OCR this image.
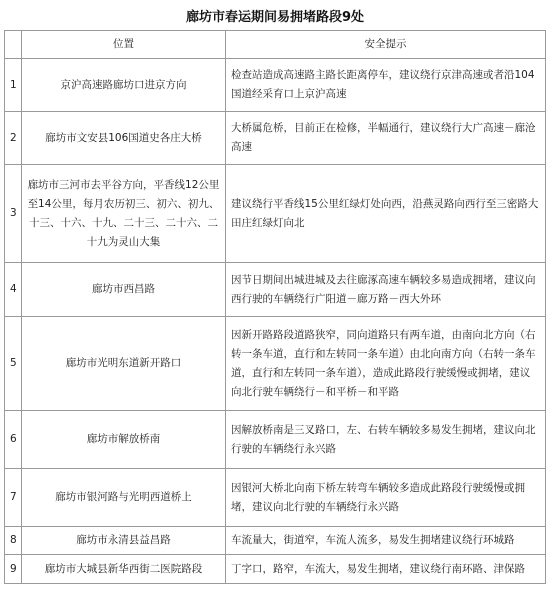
廊坊市春运期间易拥堵路段9处
	位置	安全提示
1	京沪高速路廊坊口进京方向	检查站造成高速路主路长距离停车，建议绕行京津高速或者沿104国道经采育口上京沪高速
2	廊坊市文安县106国道史各庄大桥	大桥属危桥，目前正在检修，半幅通行，建议绕行大广高速－廊沧高速
3	廊坊市三河市去平谷方向，平香线12公里至14公里，每月农历初三、初六、初九、十三、十六、十九、二十三、二十六、二十九为灵山大集	建议绕行平香线15公里红绿灯处向西，沿燕灵路向西行至三密路大田庄红绿灯向北
4	廊坊市西昌路	因节日期间出城进城及去往廊涿高速车辆较多易造成拥堵，建议向西行驶的车辆绕行广阳道－廊万路－西大外环
5	廊坊市光明东道新开路口	因新开路路段道路狭窄，同向道路只有两车道，由南向北方向（右转一条车道，直行和左转同一条车道）由北向南方向（右转一条车道，直行和左转同一条车道），造成此路段行驶缓慢或拥堵，建议向北行驶车辆绕行－和平桥－和平路
6	廊坊市解放桥南	因解放桥南是三叉路口，左、右转车辆较多易发生拥堵，建议向北行驶的车辆绕行永兴路
7	廊坊市银河路与光明西道桥上	因银河大桥北向南下桥左转弯车辆较多造成此路段行驶缓慢或拥堵，建议向北行驶的车辆绕行永兴路
8	廊坊市永清县益昌路	车流量大，街道窄，车流人流多，易发生拥堵建议绕行环城路
9	廊坊市大城县新华西街二医院路段	丁字口，路窄，车流大，易发生拥堵，建议绕行南环路、津保路
